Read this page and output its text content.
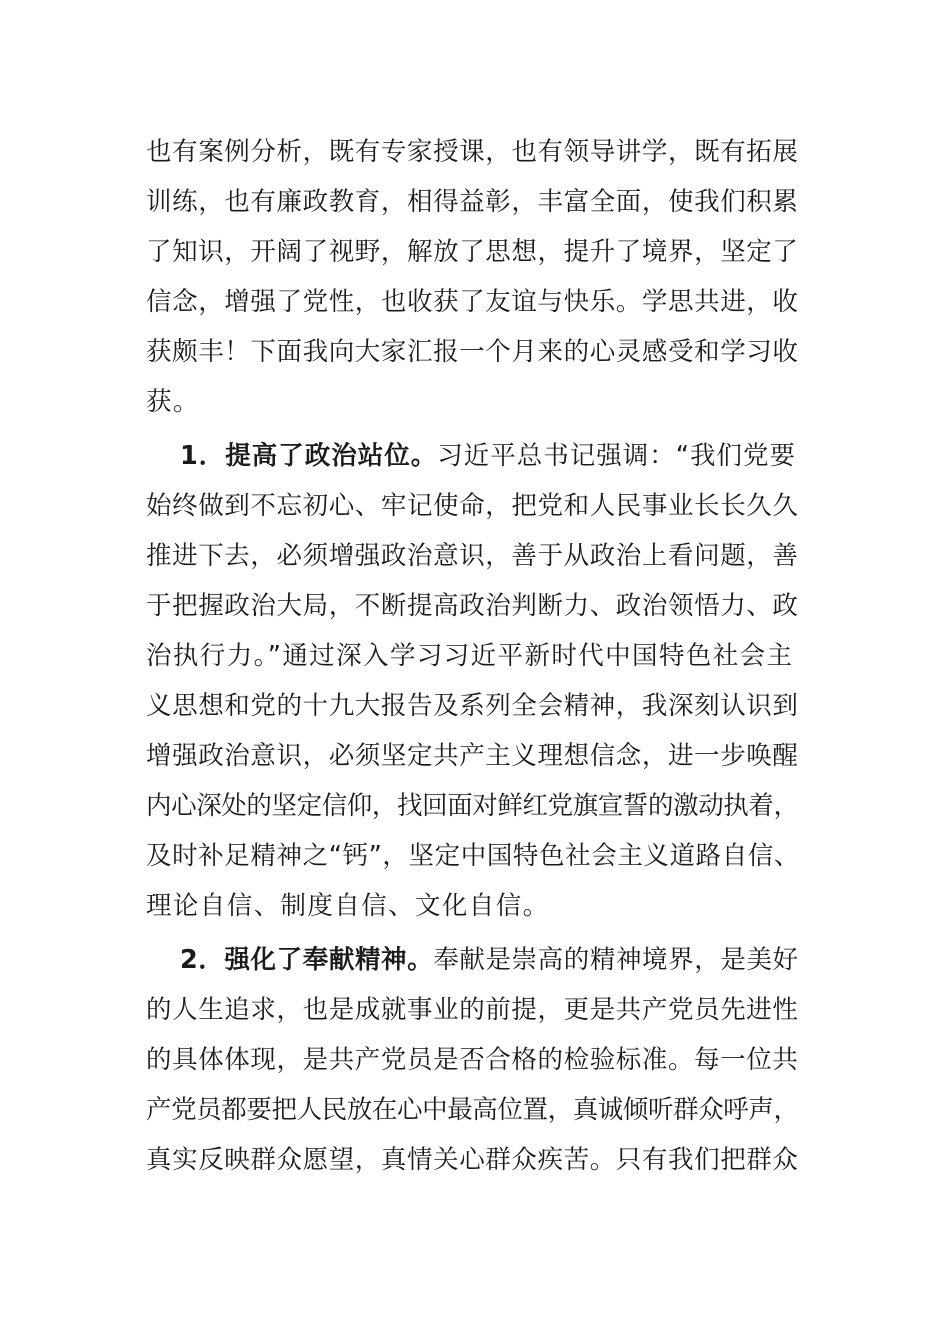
也有案例分析，既有专家授课，也有领导讲学，既有拓展
训练，也有廉政教育，相得益彰，丰富全面，使我们积累
了知识，开阔了视野，解放了思想，提升了境界，坚定了
信念，增强了党性，也收获了友谊与快乐。学思共进，收
获颇丰！下面我向大家汇报一个月来的心灵感受和学习收
获。
1．提高了政治站位。习近平总书记强调：“我们党要
始终做到不忘初心、牢记使命，把党和人民事业长长久久
推进下去，必须增强政治意识，善于从政治上看问题，善
于把握政治大局，不断提高政治判断力、政治领悟力、政
治执行力。”通过深入学习习近平新时代中国特色社会主
义思想和党的十九大报告及系列全会精神，我深刻认识到
增强政治意识，必须坚定共产主义理想信念，进一步唤醒
内心深处的坚定信仰，找回面对鲜红党旗宣誓的激动执着，
及时补足精神之“钙”，坚定中国特色社会主义道路自信、
理论自信、制度自信、文化自信。
2．强化了奉献精神。奉献是崇高的精神境界，是美好
的人生追求，也是成就事业的前提，更是共产党员先进性
的具体体现，是共产党员是否合格的检验标准。每一位共
产党员都要把人民放在心中最高位置，真诚倾听群众呼声，
真实反映群众愿望，真情关心群众疾苦。只有我们把群众
